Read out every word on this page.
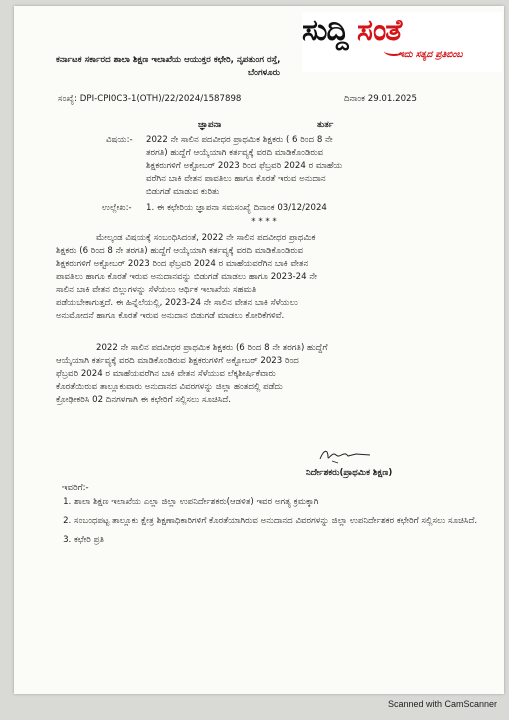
ಕರ್ನಾಟಕ ಸರ್ಕಾರದ ಶಾಲಾ ಶಿಕ್ಷಣ ಇಲಾಖೆಯ ಆಯುಕ್ತರ ಕಛೇರಿ, ನೃಪತುಂಗ ರಸ್ತೆ,
ಬೆಂಗಳೂರು
ಸಂಖ್ಯೆ: DPI-CPI0C3-1(OTH)/22/2024/1587898	ದಿನಾಂಕ 29.01.2025
ಜ್ಞಾಪನಾ	ತುರ್ತ
ವಿಷಯ:- 2022 ನೇ ಸಾಲಿನ ಪದವೀಧರ ಪ್ರಾಥಮಿಕ ಶಿಕ್ಷಕರು ( 6 ರಿಂದ 8 ನೇ
ತರಗತಿ) ಹುದ್ದೆಗೆ ಆಯ್ಕೆಯಾಗಿ ಕರ್ತವ್ಯಕ್ಕೆ ವರದಿ ಮಾಡಿಕೊಂಡಿರುವ
ಶಿಕ್ಷಕರುಗಳಿಗೆ ಅಕ್ಟೋಬರ್ 2023 ರಿಂದ ಫೆಬ್ರವರಿ 2024 ರ ಮಾಹೆಯ
ವರೆಗಿನ ಬಾಕಿ ವೇತನ ಪಾವತಿಲು ಹಾಗೂ ಕೊರತೆ ಇರುವ ಅನುದಾನ
ಬಿಡುಗಡೆ ಮಾಡುವ ಕುರಿತು
ಉಲ್ಲೇಖ:- 1. ಈ ಕಛೇರಿಯ ಜ್ಞಾಪನಾ ಸಮಸಂಖ್ಯೆ ದಿನಾಂಕ 03/12/2024
* * * *
ಮೇಲ್ಕಂಡ ವಿಷಯಕ್ಕೆ ಸಂಬಂಧಿಸಿದಂತೆ, 2022 ನೇ ಸಾಲಿನ ಪದವೀಧರ ಪ್ರಾಥಮಿಕ
ಶಿಕ್ಷಕರು (6 ರಿಂದ 8 ನೇ ತರಗತಿ) ಹುದ್ದೆಗೆ ಆಯ್ಕೆಯಾಗಿ ಕರ್ತವ್ಯಕ್ಕೆ ವರದಿ ಮಾಡಿಕೊಂಡಿರುವ
ಶಿಕ್ಷಕರುಗಳಿಗೆ ಅಕ್ಟೋಬರ್ 2023 ರಿಂದ ಫೆಬ್ರವರಿ 2024 ರ ಮಾಹೆಯವರೆಗಿನ ಬಾಕಿ ವೇತನ
ಪಾವತಿಲು ಹಾಗೂ ಕೊರತೆ ಇರುವ ಅನುದಾನವನ್ನು ಬಿಡುಗಡೆ ಮಾಡಲು ಹಾಗೂ 2023-24 ನೇ
ಸಾಲಿನ ಬಾಕಿ ವೇತನ ಬಿಲ್ಲುಗಳನ್ನು ಸೆಳೆಯಲು ಆರ್ಥಿಕ ಇಲಾಖೆಯ ಸಹಮತಿ
ಪಡೆಯಬೇಕಾಗುತ್ತದೆ. ಈ ಹಿನ್ನೆಲೆಯಲ್ಲಿ, 2023-24 ನೇ ಸಾಲಿನ ವೇತನ ಬಾಕಿ ಸೆಳೆಯಲು
ಅನುಮೋದನೆ ಹಾಗೂ ಕೊರತೆ ಇರುವ ಅನುದಾನ ಬಿಡುಗಡೆ ಮಾಡಲು ಕೋರಿಕೆಗಳಿವೆ.
2022 ನೇ ಸಾಲಿನ ಪದವೀಧರ ಪ್ರಾಥಮಿಕ ಶಿಕ್ಷಕರು (6 ರಿಂದ 8 ನೇ ತರಗತಿ) ಹುದ್ದೆಗೆ
ಆಯ್ಕೆಯಾಗಿ ಕರ್ತವ್ಯಕ್ಕೆ ವರದಿ ಮಾಡಿಕೊಂಡಿರುವ ಶಿಕ್ಷಕರುಗಳಿಗೆ ಅಕ್ಟೋಬರ್ 2023 ರಿಂದ
ಫೆಬ್ರವರಿ 2024 ರ ಮಾಹೆಯವರೆಗಿನ ಬಾಕಿ ವೇತನ ಸೆಳೆಯುವ ಲೆಕ್ಕಶೀರ್ಷಿಕೆವಾರು
ಕೊರತೆಯಿರುವ ತಾಲ್ಲೂಕುವಾರು ಅನುದಾನದ ವಿವರಗಳನ್ನು ಜಿಲ್ಲಾ ಹಂತದಲ್ಲಿ ಪಡೆದು
ಕ್ರೋಢೀಕರಿಸಿ 02 ದಿನಗಳಗಾಗಿ ಈ ಕಛೇರಿಗೆ ಸಲ್ಲಿಸಲು ಸೂಚಿಸಿದೆ.
ನಿರ್ದೇಶಕರು(ಪ್ರಾಥಮಿಕ ಶಿಕ್ಷಣ)
ಇವರಿಗೆ:-
1. ಶಾಲಾ ಶಿಕ್ಷಣ ಇಲಾಖೆಯ ಎಲ್ಲಾ ಜಿಲ್ಲಾ ಉಪನಿರ್ದೇಶಕರು(ಆಡಳಿತ) ಇವರ ಅಗತ್ಯ ಕ್ರಮಕ್ಕಾಗಿ
2. ಸಂಬಂಧಪಟ್ಟ ತಾಲ್ಲೂಕು ಕ್ಷೇತ್ರ ಶಿಕ್ಷಣಾಧಿಕಾರಿಗಳಿಗೆ ಕೊರತೆಯಾಗಿರುವ ಅನುದಾನದ ವಿವರಗಳನ್ನು ಜಿಲ್ಲಾ ಉಪನಿರ್ದೇಶಕರ ಕಛೇರಿಗೆ ಸಲ್ಲಿಸಲು ಸೂಚಿಸಿದೆ.
3. ಕಛೇರಿ ಪ್ರತಿ
ಸುದ್ದಿ ಸಂತೆ
ಇದು ಸತ್ಯದ ಪ್ರತಿಬಿಂಬ
Scanned with CamScanner
